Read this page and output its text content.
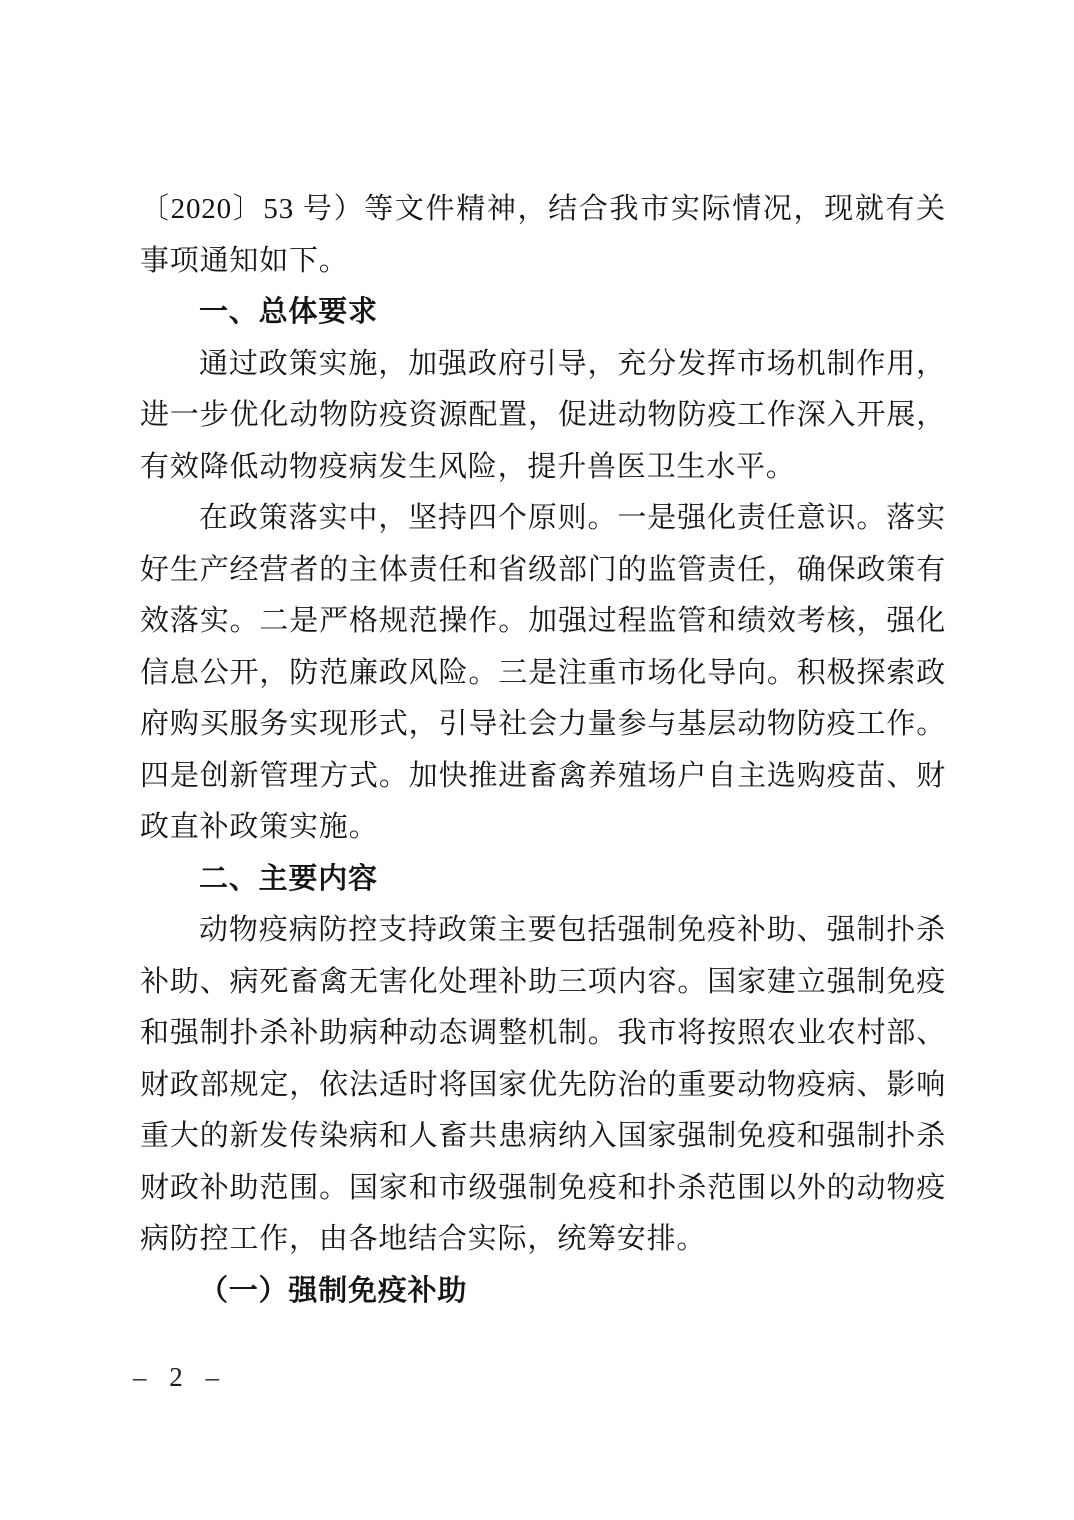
〔2020〕53 号）等文件精神，结合我市实际情况，现就有关事项通知如下。

一、总体要求

通过政策实施，加强政府引导，充分发挥市场机制作用，进一步优化动物防疫资源配置，促进动物防疫工作深入开展，有效降低动物疫病发生风险，提升兽医卫生水平。

在政策落实中，坚持四个原则。一是强化责任意识。落实好生产经营者的主体责任和省级部门的监管责任，确保政策有效落实。二是严格规范操作。加强过程监管和绩效考核，强化信息公开，防范廉政风险。三是注重市场化导向。积极探索政府购买服务实现形式，引导社会力量参与基层动物防疫工作。四是创新管理方式。加快推进畜禽养殖场户自主选购疫苗、财政直补政策实施。

二、主要内容

动物疫病防控支持政策主要包括强制免疫补助、强制扑杀补助、病死畜禽无害化处理补助三项内容。国家建立强制免疫和强制扑杀补助病种动态调整机制。我市将按照农业农村部、财政部规定，依法适时将国家优先防治的重要动物疫病、影响重大的新发传染病和人畜共患病纳入国家强制免疫和强制扑杀财政补助范围。国家和市级强制免疫和扑杀范围以外的动物疫病防控工作，由各地结合实际，统筹安排。

（一）强制免疫补助

– 2 –
